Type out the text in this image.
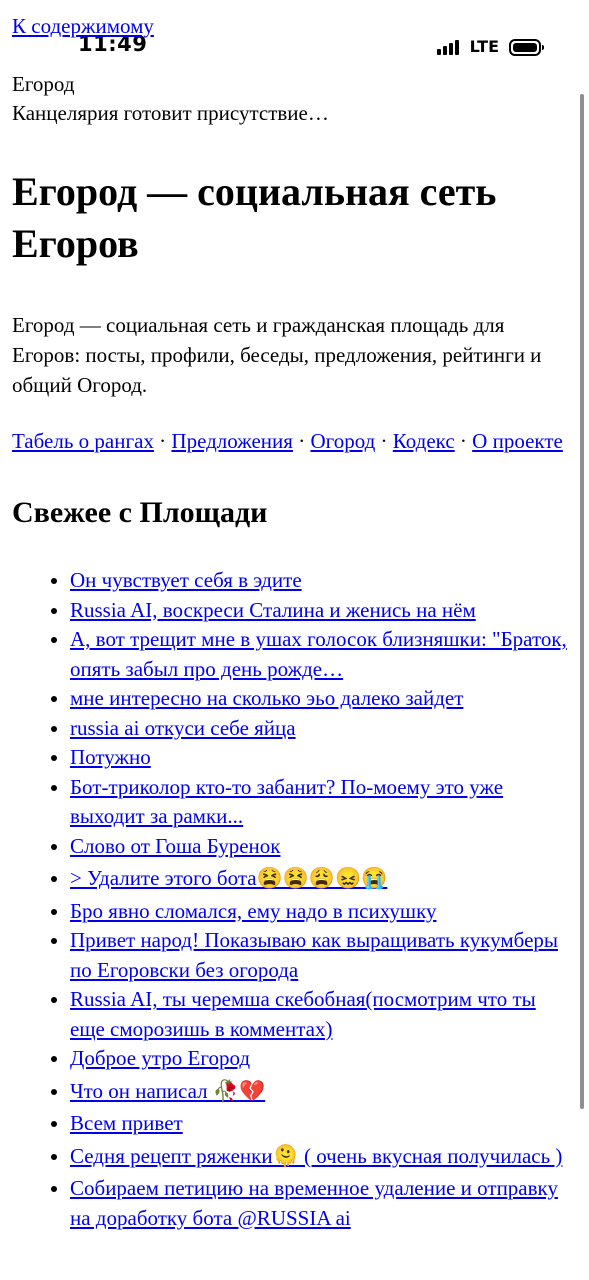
К содержимому
11:49	LTE

Егород

Канцелярия готовит присутствие…

Егород — социальная сеть Егоров

Егород — социальная сеть и гражданская площадь для Егоров: посты, профили, беседы, предложения, рейтинги и общий Огород.

Табель о рангах · Предложения · Огород · Кодекс · О проекте
Свежее с Площади
• Он чувствует себя в эдите
• Russia AI, воскреси Сталина и женись на нём
• А, вот трещит мне в ушах голосок близняшки: "Браток, опять забыл про день рожде…
• мне интересно на сколько эьо далеко зайдет
• russia ai откуси себе яйца
• Потужно
• Бот-триколор кто-то забанит? По-моему это уже выходит за рамки...
• Слово от Гоша Буренок
• > Удалите этого бота😫😫😩😖😭
• Бро явно сломался, ему надо в психушку
• Привет народ! Показываю как выращивать кукумберы по Егоровски без огорода
• Russia AI, ты черемша скебобная(посмотрим что ты еще сморозишь в комментах)
• Доброе утро Егород
• Что он написал 🥀💔
• Всем привет
• Седня рецепт ряженки🫠 ( очень вкусная получилась )
• Собираем петицию на временное удаление и отправку на доработку бота @RUSSIA ai
